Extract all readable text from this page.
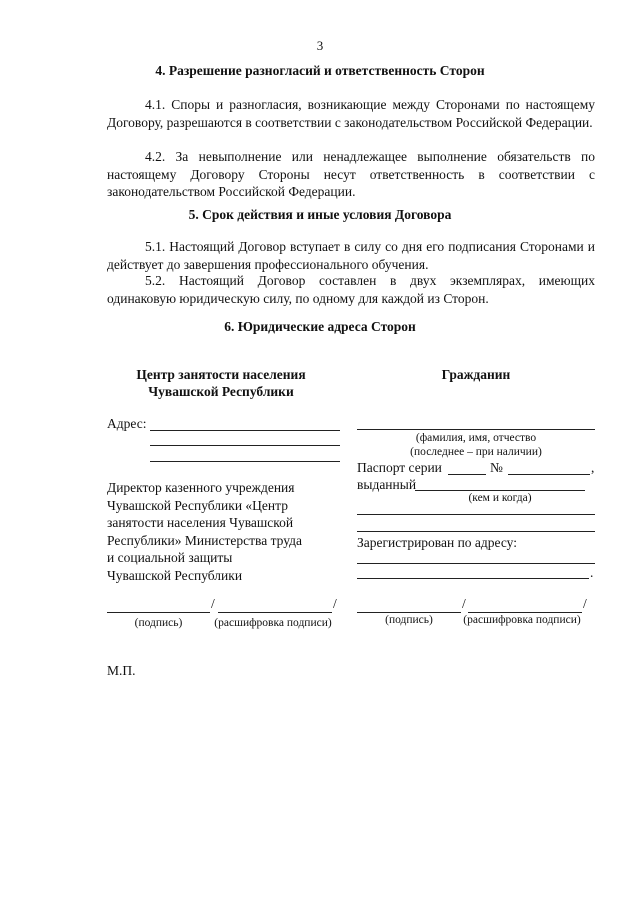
3
4. Разрешение разногласий и ответственность Сторон

4.1. Споры и разногласия, возникающие между Сторонами по настоящему Договору, разрешаются в соответствии с законодательством Российской Федерации.

4.2. За невыполнение или ненадлежащее выполнение обязательств по настоящему Договору Стороны несут ответственность в соответствии с законодательством Российской Федерации.

5. Срок действия и иные условия Договора

5.1. Настоящий Договор вступает в силу со дня его подписания Сторонами и действует до завершения профессионального обучения.

5.2. Настоящий Договор составлен в двух экземплярах, имеющих одинаковую юридическую силу, по одному для каждой из Сторон.

6. Юридические адреса Сторон
Центр занятости населения
Чувашской Республики
Адрес:
Директор казенного учреждения
Чувашской Республики «Центр
занятости населения Чувашской
Республики» Министерства труда
и социальной защиты
Чувашской Республики
/	/
(подпись)	(расшифровка подписи)
Гражданин
(фамилия, имя, отчество
(последнее – при наличии)
Паспорт серии	№	,
выданный
(кем и когда)
Зарегистрирован по адресу:
.
/	/
(подпись)	(расшифровка подписи)
М.П.
